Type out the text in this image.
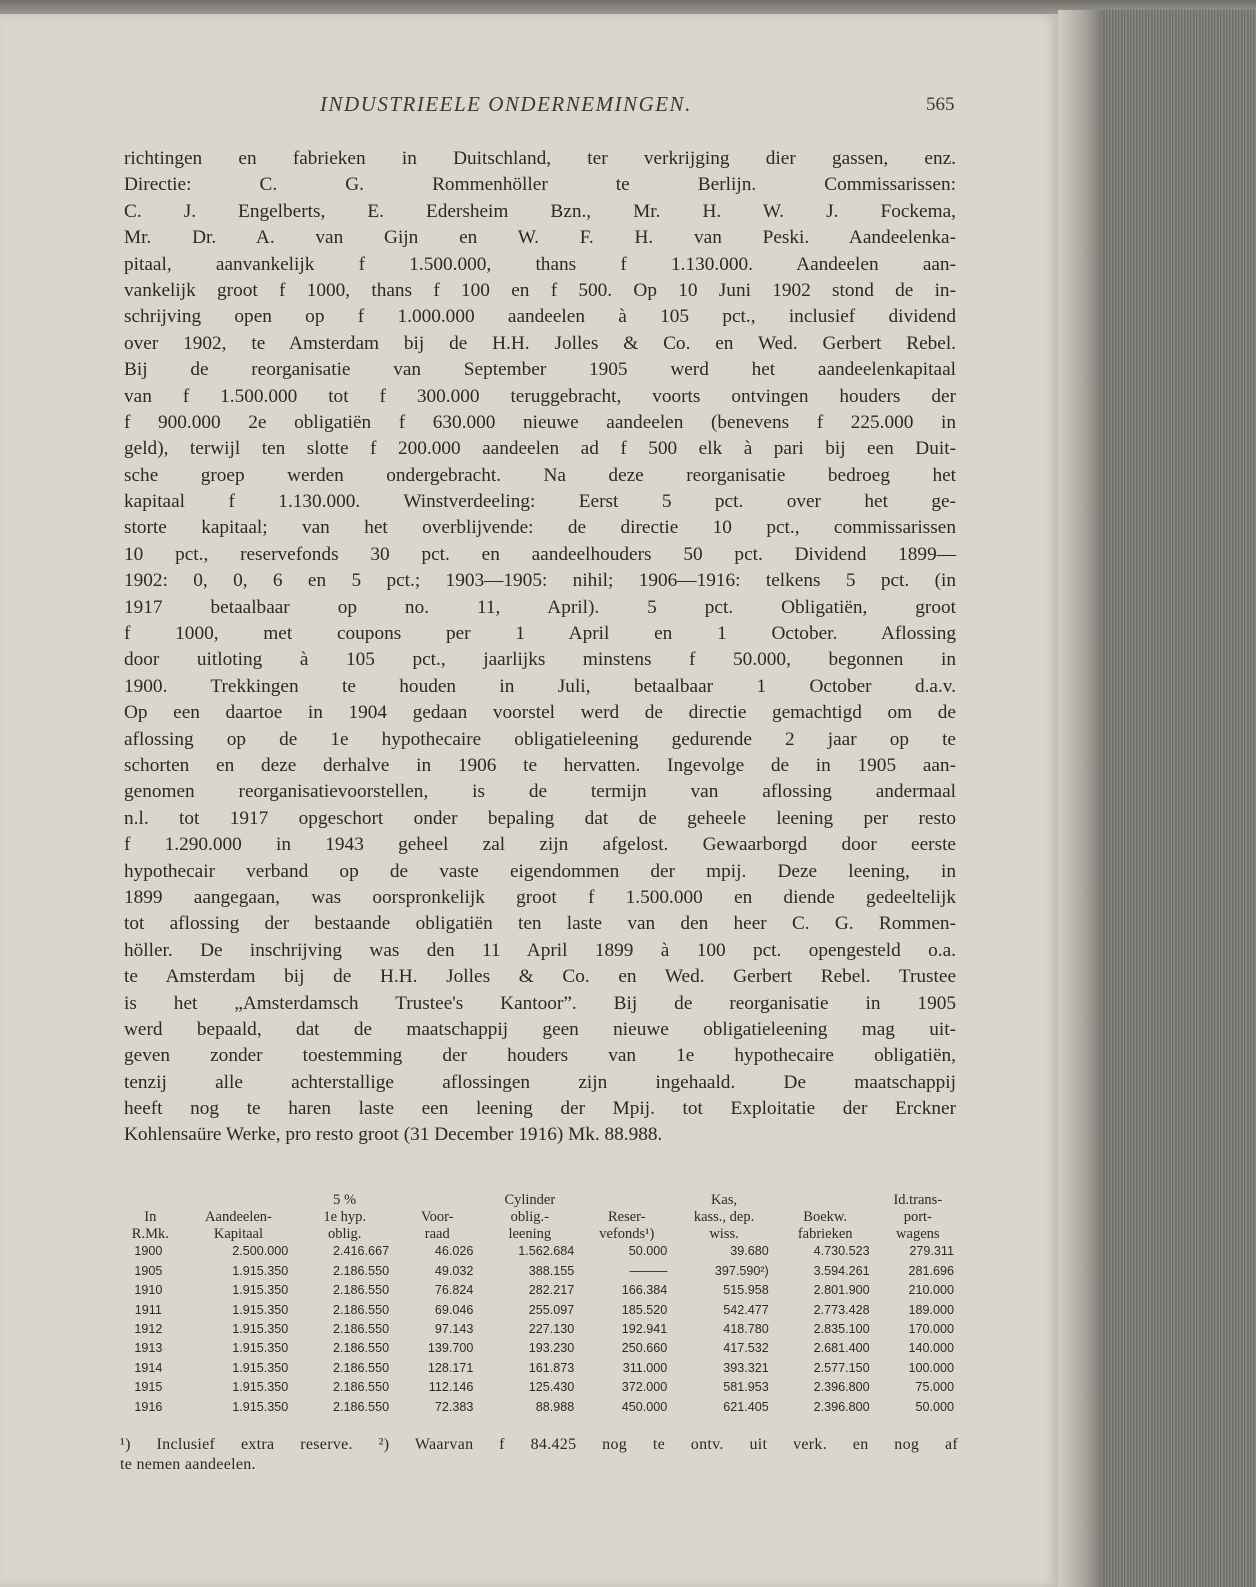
INDUSTRIEELE ONDERNEMINGEN.	565
richtingen en fabrieken in Duitschland, ter verkrijging dier gassen, enz.
Directie: C. G. Rommenhöller te Berlijn. Commissarissen:
C. J. Engelberts, E. Edersheim Bzn., Mr. H. W. J. Fockema,
Mr. Dr. A. van Gijn en W. F. H. van Peski. Aandeelenka-
pitaal, aanvankelijk f 1.500.000, thans f 1.130.000. Aandeelen aan-
vankelijk groot f 1000, thans f 100 en f 500. Op 10 Juni 1902 stond de in-
schrijving open op f 1.000.000 aandeelen à 105 pct., inclusief dividend
over 1902, te Amsterdam bij de H.H. Jolles & Co. en Wed. Gerbert Rebel.
Bij de reorganisatie van September 1905 werd het aandeelenkapitaal
van f 1.500.000 tot f 300.000 teruggebracht, voorts ontvingen houders der
f 900.000 2e obligatiën f 630.000 nieuwe aandeelen (benevens f 225.000 in
geld), terwijl ten slotte f 200.000 aandeelen ad f 500 elk à pari bij een Duit-
sche groep werden ondergebracht. Na deze reorganisatie bedroeg het
kapitaal f 1.130.000. Winstverdeeling: Eerst 5 pct. over het ge-
storte kapitaal; van het overblijvende: de directie 10 pct., commissarissen
10 pct., reservefonds 30 pct. en aandeelhouders 50 pct. Dividend 1899—
1902: 0, 0, 6 en 5 pct.; 1903—1905: nihil; 1906—1916: telkens 5 pct. (in
1917 betaalbaar op no. 11, April). 5 pct. Obligatiën, groot
f 1000, met coupons per 1 April en 1 October. Aflossing
door uitloting à 105 pct., jaarlijks minstens f 50.000, begonnen in
1900. Trekkingen te houden in Juli, betaalbaar 1 October d.a.v.
Op een daartoe in 1904 gedaan voorstel werd de directie gemachtigd om de
aflossing op de 1e hypothecaire obligatieleening gedurende 2 jaar op te
schorten en deze derhalve in 1906 te hervatten. Ingevolge de in 1905 aan-
genomen reorganisatievoorstellen, is de termijn van aflossing andermaal
n.l. tot 1917 opgeschort onder bepaling dat de geheele leening per resto
f 1.290.000 in 1943 geheel zal zijn afgelost. Gewaarborgd door eerste
hypothecair verband op de vaste eigendommen der mpij. Deze leening, in
1899 aangegaan, was oorspronkelijk groot f 1.500.000 en diende gedeeltelijk
tot aflossing der bestaande obligatiën ten laste van den heer C. G. Rommen-
höller. De inschrijving was den 11 April 1899 à 100 pct. opengesteld o.a.
te Amsterdam bij de H.H. Jolles & Co. en Wed. Gerbert Rebel. Trustee
is het „Amsterdamsch Trustee's Kantoor”. Bij de reorganisatie in 1905
werd bepaald, dat de maatschappij geen nieuwe obligatieleening mag uit-
geven zonder toestemming der houders van 1e hypothecaire obligatiën,
tenzij alle achterstallige aflossingen zijn ingehaald. De maatschappij
heeft nog te haren laste een leening der Mpij. tot Exploitatie der Erckner
Kohlensaüre Werke, pro resto groot (31 December 1916) Mk. 88.988.
		5 %		Cylinder		Kas,		Id.trans-
In	Aandeelen-	1e hyp.	Voor-	oblig.-	Reser-	kass., dep.	Boekw.	port-
R.Mk.	Kapitaal	oblig.	raad	leening	vefonds¹)	wiss.	fabrieken	wagens
1900	2.500.000	2.416.667	46.026	1.562.684	50.000	39.680	4.730.523	279.311
1905	1.915.350	2.186.550	49.032	388.155	———	397.590²)	3.594.261	281.696
1910	1.915.350	2.186.550	76.824	282.217	166.384	515.958	2.801.900	210.000
1911	1.915.350	2.186.550	69.046	255.097	185.520	542.477	2.773.428	189.000
1912	1.915.350	2.186.550	97.143	227.130	192.941	418.780	2.835.100	170.000
1913	1.915.350	2.186.550	139.700	193.230	250.660	417.532	2.681.400	140.000
1914	1.915.350	2.186.550	128.171	161.873	311.000	393.321	2.577.150	100.000
1915	1.915.350	2.186.550	112.146	125.430	372.000	581.953	2.396.800	75.000
1916	1.915.350	2.186.550	72.383	88.988	450.000	621.405	2.396.800	50.000
¹) Inclusief extra reserve. ²) Waarvan f 84.425 nog te ontv. uit verk. en nog af
te nemen aandeelen.
